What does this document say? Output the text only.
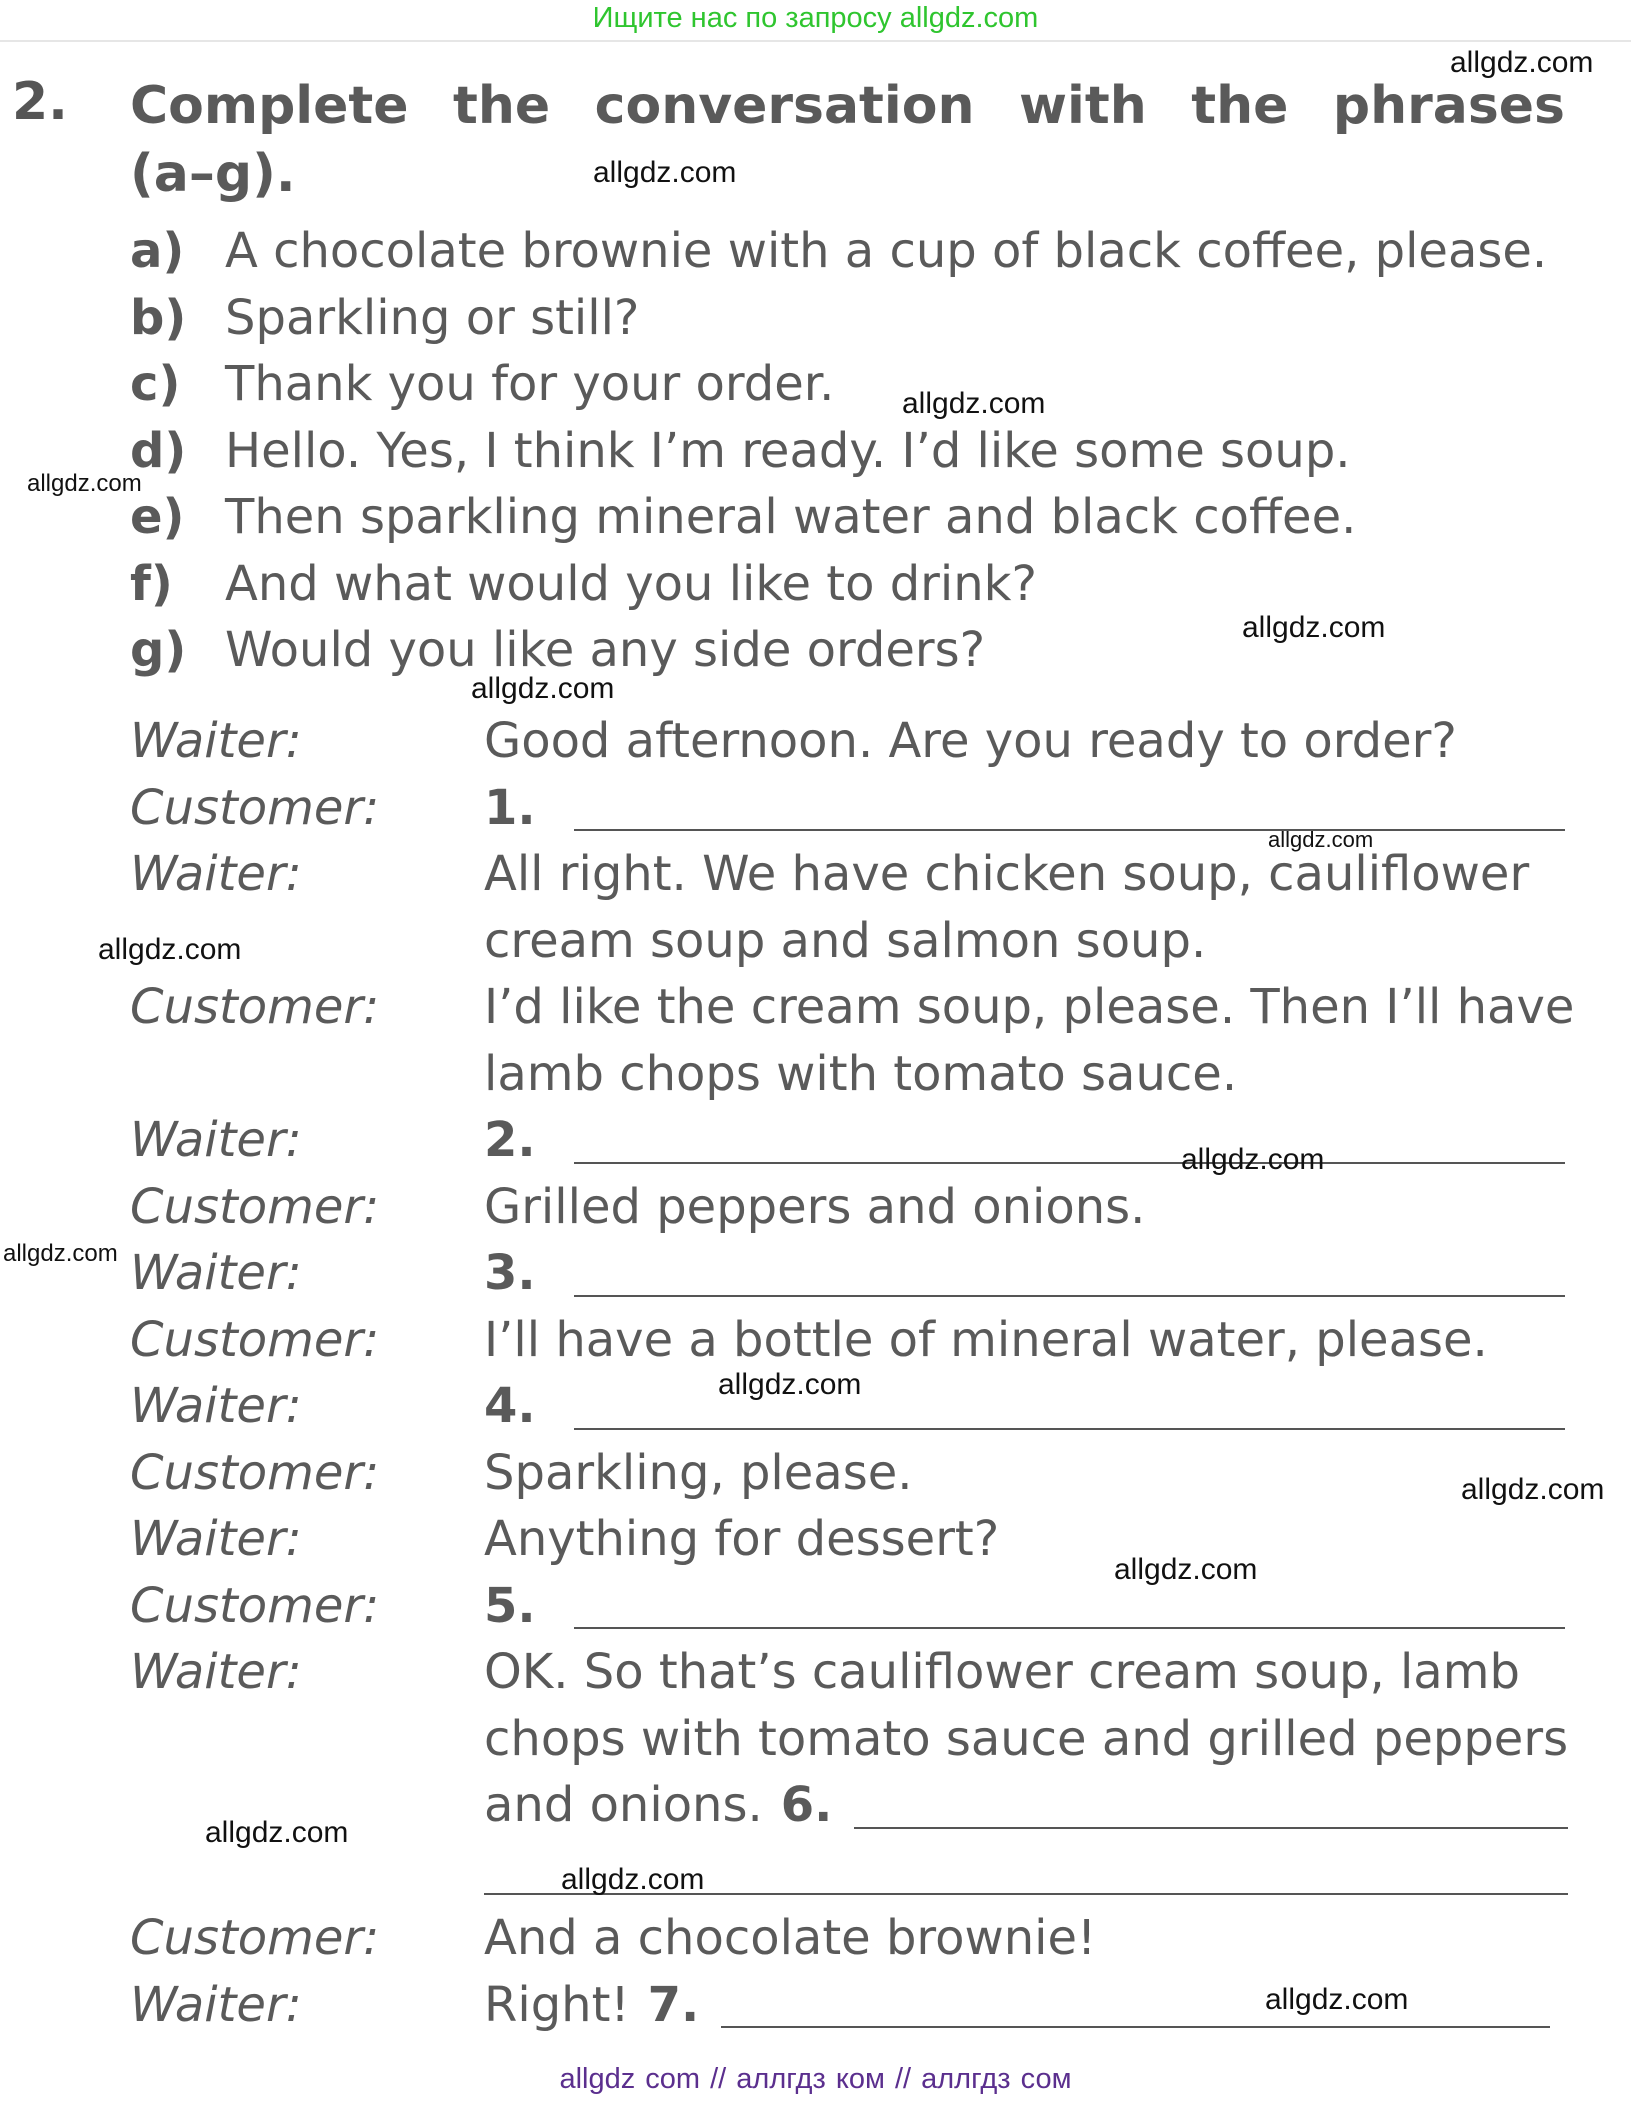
Ищите нас по запросу allgdz.com
2. Complete the conversation with the phrases (a–g).
a) A chocolate brownie with a cup of black coffee, please.
b) Sparkling or still?
c) Thank you for your order.
d) Hello. Yes, I think I’m ready. I’d like some soup.
e) Then sparkling mineral water and black coffee.
f)	And what would you like to drink?
g) Would you like any side orders?
Waiter:	Good afternoon. Are you ready to order?
Customer:	1.
Waiter:	All right. We have chicken soup, cauliflower
cream soup and salmon soup.
Customer:	I’d like the cream soup, please. Then I’ll have
lamb chops with tomato sauce.
Waiter:	2.
Customer:	Grilled peppers and onions.
Waiter:	3.
Customer:	I’ll have a bottle of mineral water, please.
Waiter:	4.
Customer:	Sparkling, please.
Waiter:	Anything for dessert?
Customer:	5.
Waiter:	OK. So that’s cauliflower cream soup, lamb
chops with tomato sauce and grilled peppers
and onions. 6.
Customer:	And a chocolate brownie!
Waiter:	Right! 7.
allgdz.com
allgdz.com
allgdz.com
allgdz.com
allgdz.com
allgdz.com
allgdz.com
allgdz.com
allgdz.com
allgdz.com
allgdz.com
allgdz.com
allgdz.com
allgdz.com
allgdz.com
allgdz.com
allgdz com // аллгдз ком // аллгдз сом
